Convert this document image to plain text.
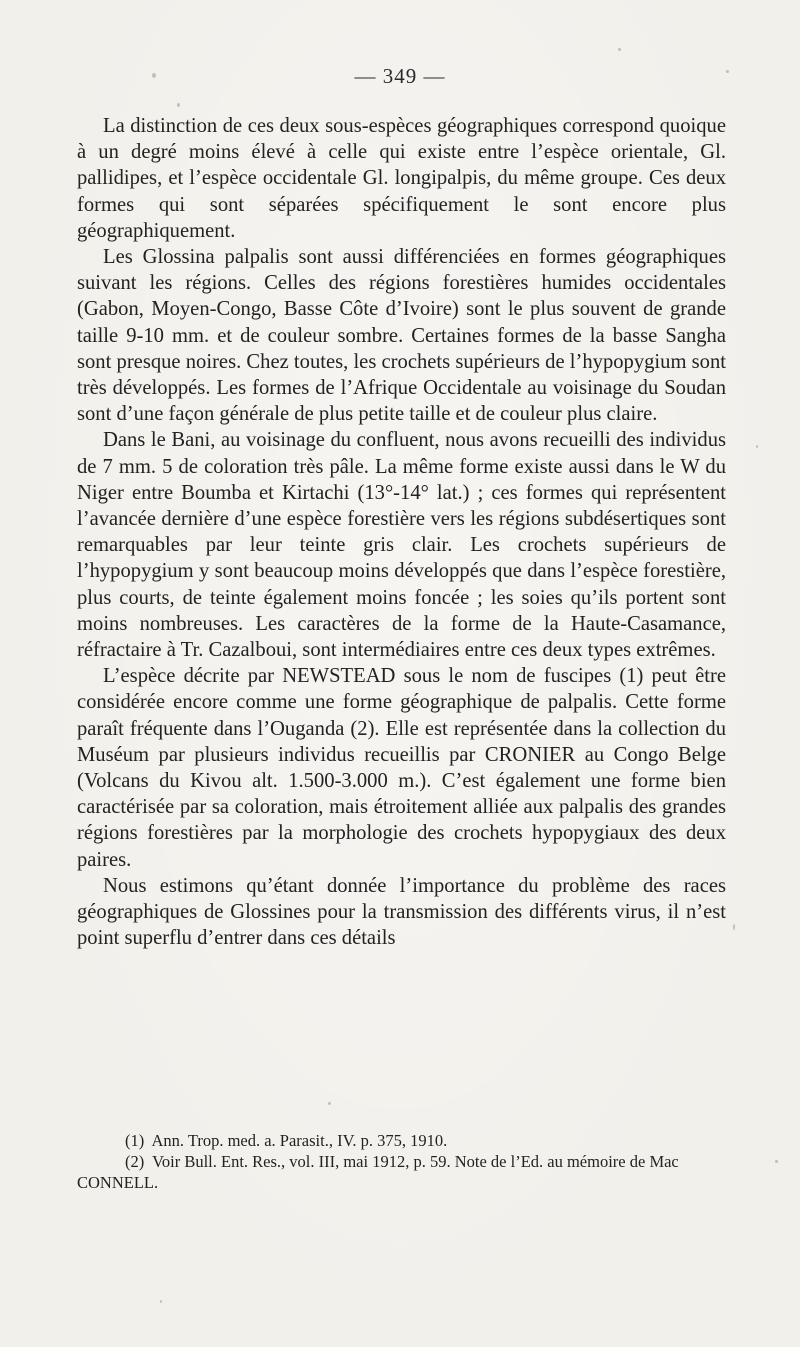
— 349 —

La distinction de ces deux sous-espèces géographiques correspond quoique à un degré moins élevé à celle qui existe entre l’espèce orientale, Gl. pallidipes, et l’espèce occidentale Gl. longipalpis, du même groupe. Ces deux formes qui sont séparées spécifiquement le sont encore plus géographiquement.

Les Glossina palpalis sont aussi différenciées en formes géographiques suivant les régions. Celles des régions forestières humides occidentales (Gabon, Moyen-Congo, Basse Côte d’Ivoire) sont le plus souvent de grande taille 9-10 mm. et de couleur sombre. Certaines formes de la basse Sangha sont presque noires. Chez toutes, les crochets supérieurs de l’hypopygium sont très développés. Les formes de l’Afrique Occidentale au voisinage du Soudan sont d’une façon générale de plus petite taille et de couleur plus claire.

Dans le Bani, au voisinage du confluent, nous avons recueilli des individus de 7 mm. 5 de coloration très pâle. La même forme existe aussi dans le W du Niger entre Boumba et Kirtachi (13°-14° lat.) ; ces formes qui représentent l’avancée dernière d’une espèce forestière vers les régions subdésertiques sont remarquables par leur teinte gris clair. Les crochets supérieurs de l’hypopygium y sont beaucoup moins développés que dans l’espèce forestière, plus courts, de teinte également moins foncée ; les soies qu’ils portent sont moins nombreuses. Les caractères de la forme de la Haute-Casamance, réfractaire à Tr. Cazalboui, sont intermédiaires entre ces deux types extrêmes.

L’espèce décrite par NEWSTEAD sous le nom de fuscipes (1) peut être considérée encore comme une forme géographique de palpalis. Cette forme paraît fréquente dans l’Ouganda (2). Elle est représentée dans la collection du Muséum par plusieurs individus recueillis par CRONIER au Congo Belge (Volcans du Kivou alt. 1.500-3.000 m.). C’est également une forme bien caractérisée par sa coloration, mais étroitement alliée aux palpalis des grandes régions forestières par la morphologie des crochets hypopygiaux des deux paires.

Nous estimons qu’étant donnée l’importance du problème des races géographiques de Glossines pour la transmission des différents virus, il n’est point superflu d’entrer dans ces détails

(1) Ann. Trop. med. a. Parasit., IV. p. 375, 1910.

(2) Voir Bull. Ent. Res., vol. III, mai 1912, p. 59. Note de l’Ed. au mémoire de Mac CONNELL.
